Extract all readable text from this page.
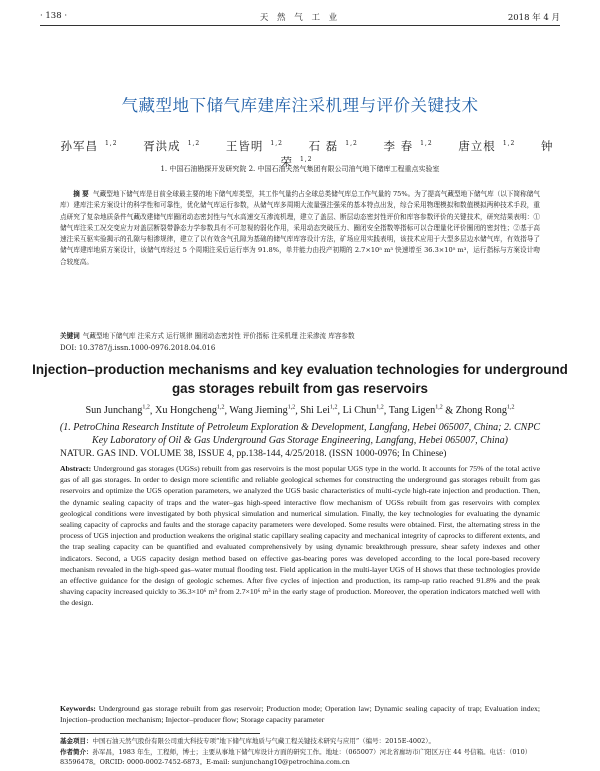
· 138 ·	天 然 气 工 业	2018 年 4 月
气藏型地下储气库建库注采机理与评价关键技术
孙军昌 $^{1,2}$ 胥洪成 $^{1,2}$ 王皆明 $^{1,2}$ 石 磊 $^{1,2}$ 李 春 $^{1,2}$ 唐立根 $^{1,2}$ 钟 荣 $^{1,2}$
1. 中国石油勘探开发研究院 2. 中国石油天然气集团有限公司油气地下储库工程重点实验室
摘 要 气藏型地下储气库是目前全球最主要的地下储气库类型，其工作气量约占全球总类储气库总工作气量的 75%。为了提高气藏型地下储气库（以下简称储气库）建库注采方案设计的科学性和可靠性，优化储气库运行参数，从储气库多周期大流量强注强采的基本特点出发，综合采用物理模拟和数值模拟两种技术手段，重点研究了复杂地质条件气藏改建储气库圈闭动态密封性与气水高速交互渗流机理，建立了盖层、断层动态密封性评价和库容参数评价的关键技术，研究结果表明：①储气库注采工况交变应力对盖层断裂带静态力学参数具有不可忽视的弱化作用，采用动态突破压力、圈闭安全指数等指标可以合理量化评价圈闭的密封性；②基于高速注采互驱实验揭示的孔隙与相渗规律，建立了以有效含气孔隙为基础的储气库库容设计方法，矿场应用实践表明，该技术应用于大型多层边水储气库，有效指导了储气库建库地质方案设计，该储气库经过 5 个周期注采后运行率为 91.8%，单井能力由投产初期的 2.7×10⁵ m³ 快速增至 36.3×10⁵ m³，运行指标与方案设计吻合较度高。
关键词 气藏型地下储气库 注采方式 运行规律 圈闭动态密封性 评价指标 注采机理 注采渗流 库容参数
DOI: 10.3787/j.issn.1000-0976.2018.04.016
Injection–production mechanisms and key evaluation technologies for underground gas storages rebuilt from gas reservoirs
Sun Junchang$^{1,2}$, Xu Hongcheng$^{1,2}$, Wang Jieming$^{1,2}$, Shi Lei$^{1,2}$, Li Chun$^{1,2}$, Tang Ligen$^{1,2}$ & Zhong Rong$^{1,2}$
(1. PetroChina Research Institute of Petroleum Exploration & Development, Langfang, Hebei 065007, China; 2. CNPC Key Laboratory of Oil & Gas Underground Gas Storage Engineering, Langfang, Hebei 065007, China)
NATUR. GAS IND. VOLUME 38, ISSUE 4, pp.138-144, 4/25/2018. (ISSN 1000-0976; In Chinese)
Abstract: Underground gas storages (UGSs) rebuilt from gas reservoirs is the most popular UGS type in the world. It accounts for 75% of the total active gas of all gas storages. In order to design more scientific and reliable geological schemes for constructing the underground gas storages rebuilt from gas reservoirs and optimize the UGS operation parameters, we analyzed the UGS basic characteristics of multi-cycle high-rate injection and production. Then, the dynamic sealing capacity of traps and the water–gas high-speed interactive flow mechanism of UGSs rebuilt from gas reservoirs with complex geological conditions were investigated by both physical simulation and numerical simulation. Finally, the key technologies for evaluating the dynamic sealing capacity of caprocks and faults and the storage capacity parameters were developed. Some results were obtained. First, the alternating stress in the process of UGS injection and production weakens the original static capillary sealing capacity and mechanical integrity of caprocks to different extents, and the trap sealing capacity can be quantified and evaluated comprehensively by using dynamic breakthrough pressure, shear safety indexes and other indicators. Second, a UGS capacity design method based on effective gas-bearing pores was developed according to the local pore-based recovery mechanism revealed in the high-speed gas–water mutual flooding test. Field application in the multi-layer UGS of H shows that these technologies provide an effective guidance for the design of geologic schemes. After five cycles of injection and production, its ramp-up ratio reached 91.8% and the peak shaving capacity increased quickly to 36.3×10⁶ m³ from 2.7×10⁶ m³ in the early stage of production. Moreover, the operation indicators matched well with the design.
Keywords: Underground gas storage rebuilt from gas reservoir; Production mode; Operation law; Dynamic sealing capacity of trap; Evaluation index; Injection–production mechanism; Injector–producer flow; Storage capacity parameter
基金项目：中国石油天然气股份有限公司重大科技专项“地下储气库地质与气藏工程关键技术研究与应用”（编号：2015E-4002）。
作者简介：孙军昌，1983 年生，工程师，博士；主要从事地下储气库设计方面的研究工作。地址：（065007）河北省廊坊市广阳区万庄 44 号信箱。电话：（010）83596478。ORCID: 0000-0002-7452-6873。E-mail: sunjunchang10@petrochina.com.cn
